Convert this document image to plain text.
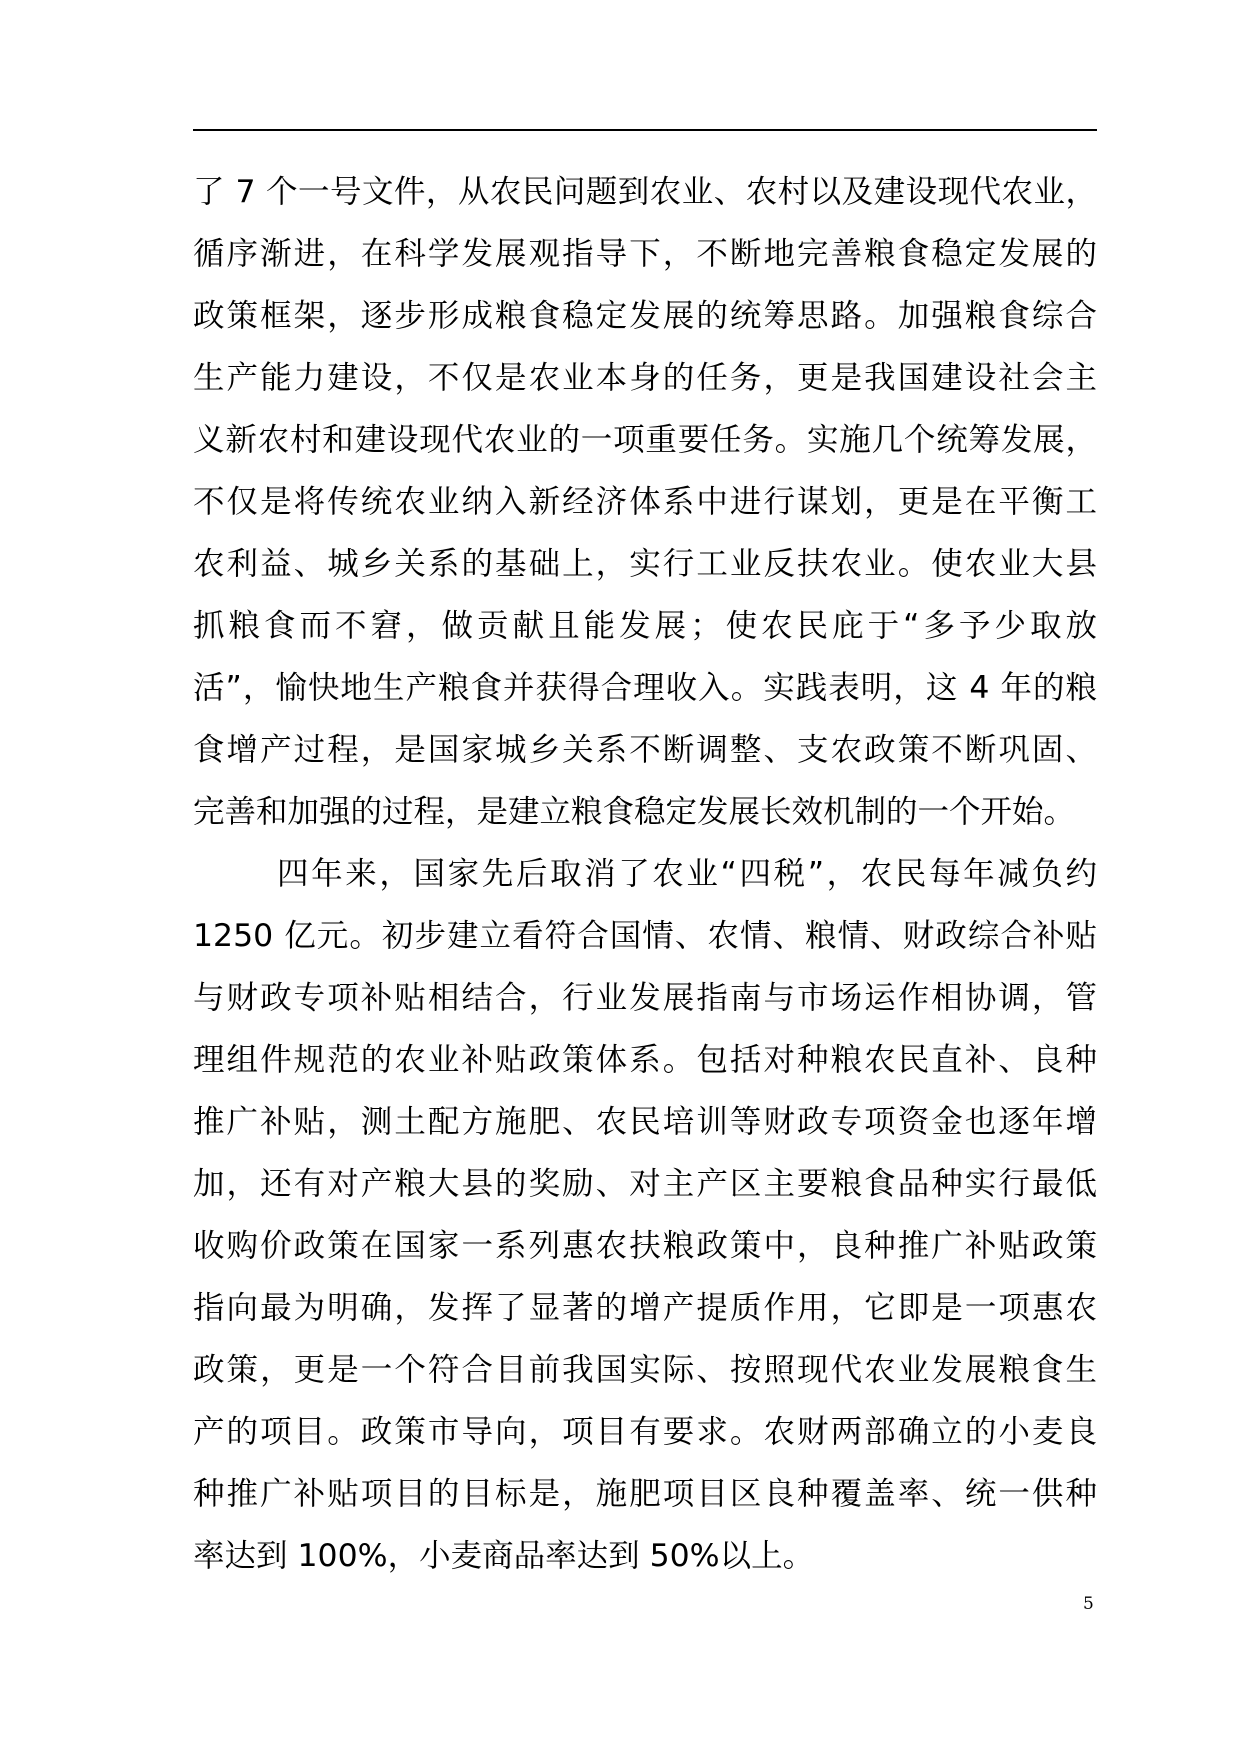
了 7 个一号文件，从农民问题到农业、农村以及建设现代农业，
循序渐进，在科学发展观指导下，不断地完善粮食稳定发展的
政策框架，逐步形成粮食稳定发展的统筹思路。加强粮食综合
生产能力建设，不仅是农业本身的任务，更是我国建设社会主
义新农村和建设现代农业的一项重要任务。实施几个统筹发展，
不仅是将传统农业纳入新经济体系中进行谋划，更是在平衡工
农利益、城乡关系的基础上，实行工业反扶农业。使农业大县
抓粮食而不窘，做贡献且能发展；使农民庇于“多予少取放
活”，愉快地生产粮食并获得合理收入。实践表明，这 4 年的粮
食增产过程，是国家城乡关系不断调整、支农政策不断巩固、
完善和加强的过程，是建立粮食稳定发展长效机制的一个开始。
四年来，国家先后取消了农业“四税”，农民每年减负约
1250 亿元。初步建立看符合国情、农情、粮情、财政综合补贴
与财政专项补贴相结合，行业发展指南与市场运作相协调，管
理组件规范的农业补贴政策体系。包括对种粮农民直补、良种
推广补贴，测土配方施肥、农民培训等财政专项资金也逐年增
加，还有对产粮大县的奖励、对主产区主要粮食品种实行最低
收购价政策在国家一系列惠农扶粮政策中，良种推广补贴政策
指向最为明确，发挥了显著的增产提质作用，它即是一项惠农
政策，更是一个符合目前我国实际、按照现代农业发展粮食生
产的项目。政策市导向，项目有要求。农财两部确立的小麦良
种推广补贴项目的目标是，施肥项目区良种覆盖率、统一供种
率达到 100%，小麦商品率达到 50%以上。
5
